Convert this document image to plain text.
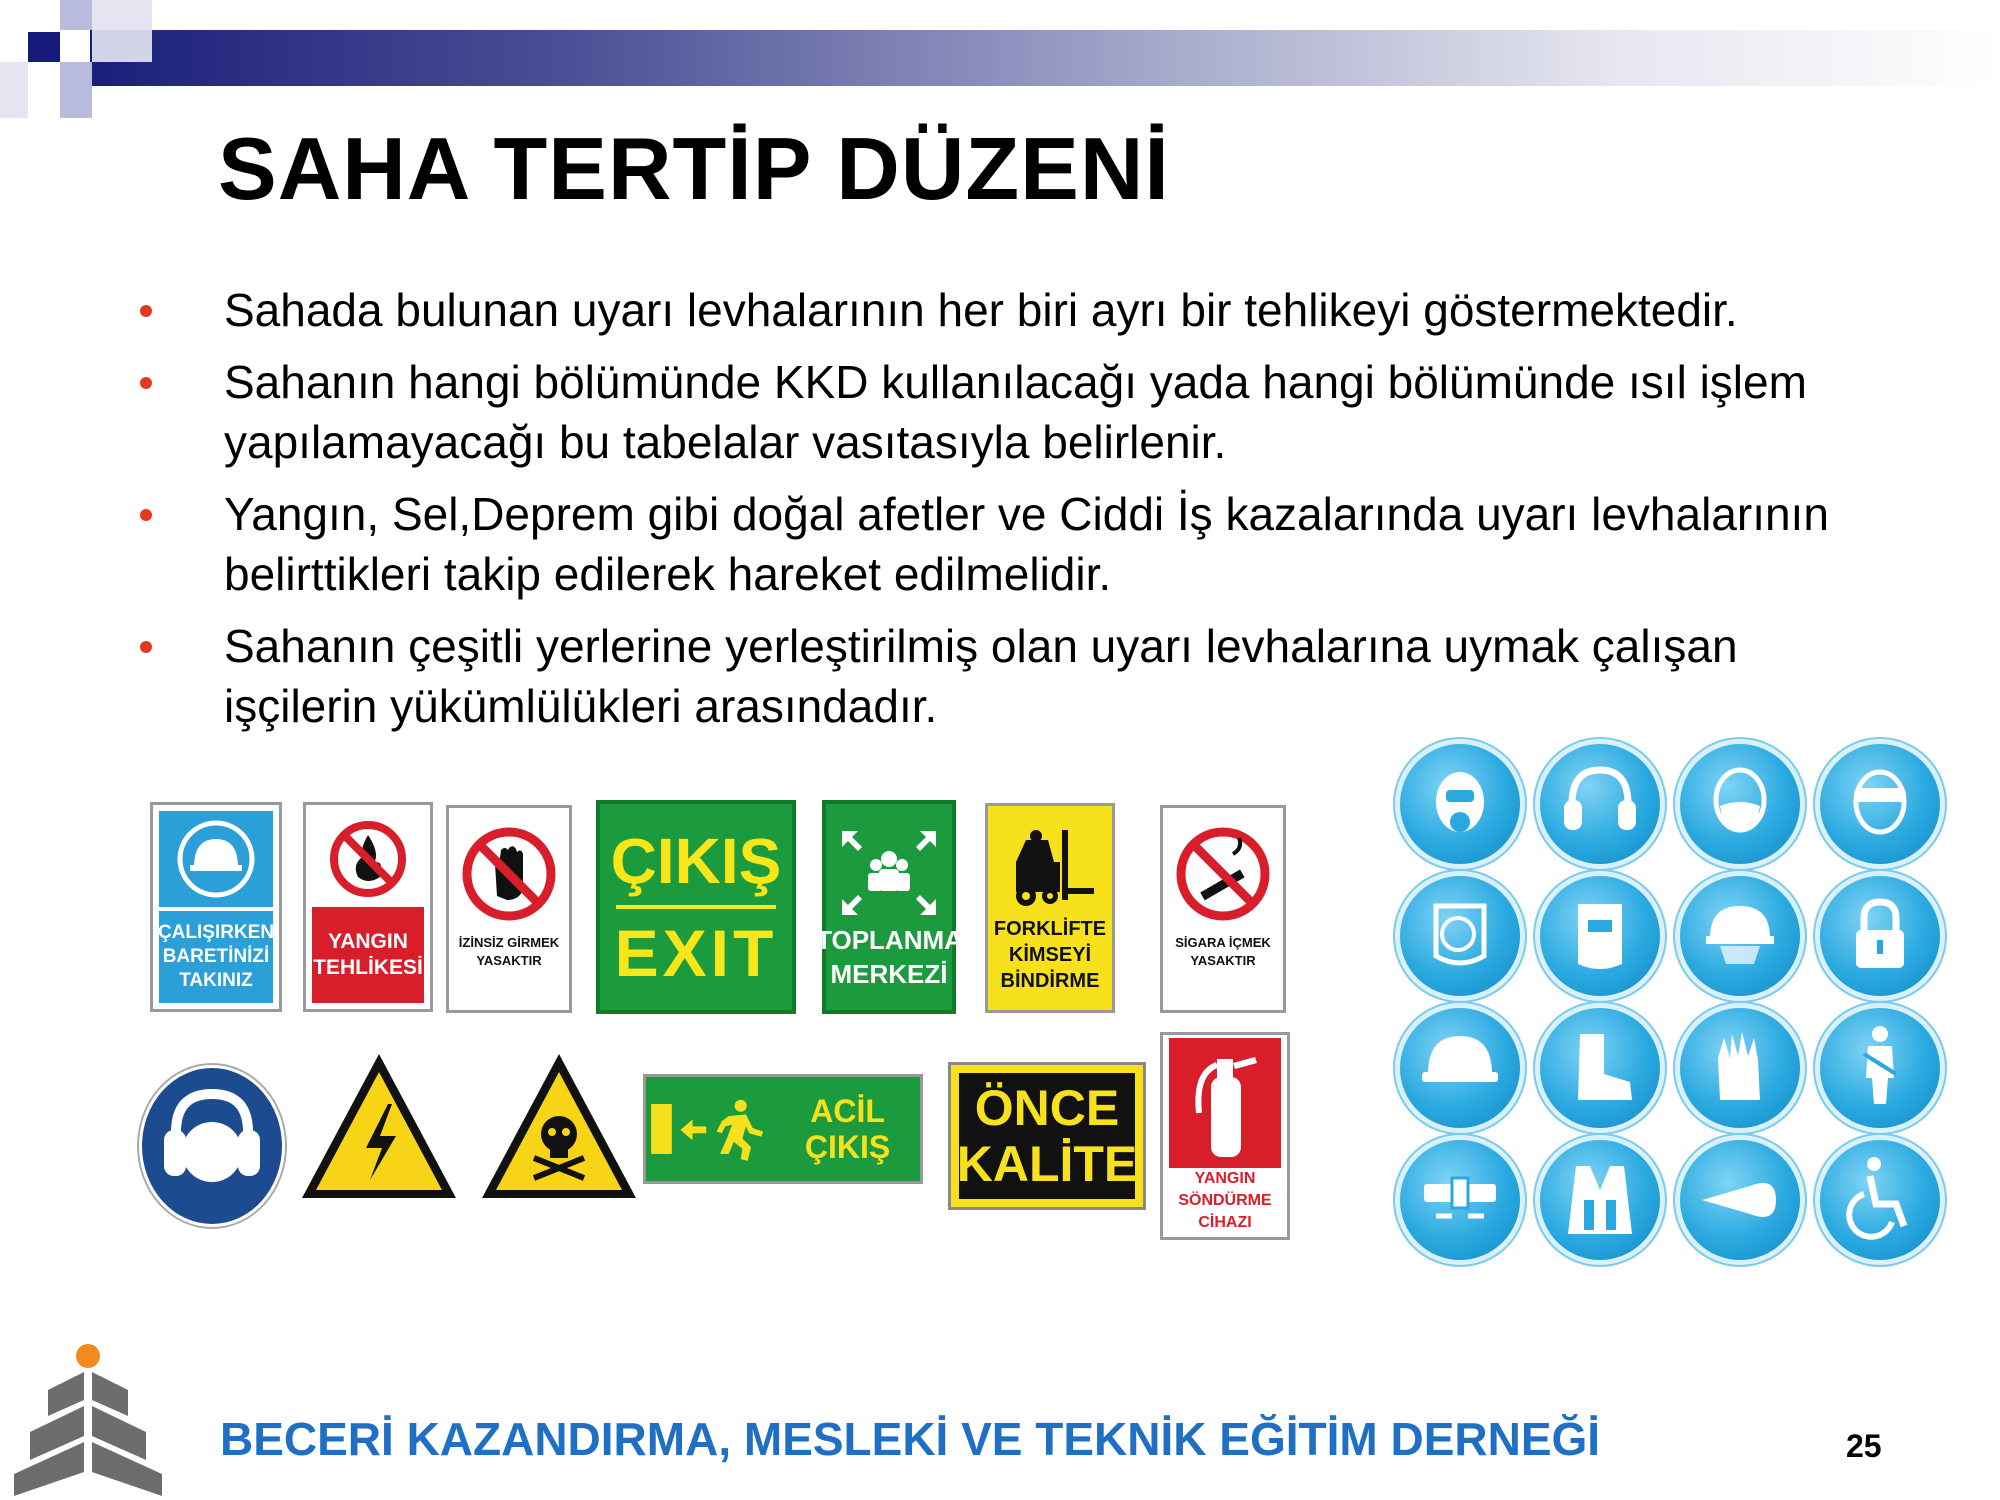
SAHA TERTİP DÜZENİ
Sahada bulunan uyarı levhalarının her biri ayrı bir tehlikeyi göstermektedir.
Sahanın hangi bölümünde KKD kullanılacağı yada hangi bölümünde ısıl işlem yapılamayacağı bu tabelalar vasıtasıyla belirlenir.
Yangın, Sel,Deprem gibi doğal afetler ve Ciddi İş kazalarında uyarı levhalarının belirttikleri takip edilerek hareket edilmelidir.
Sahanın çeşitli yerlerine yerleştirilmiş olan uyarı levhalarına uymak çalışan işçilerin yükümlülükleri arasındadır.
ÇALIŞIRKEN BARETİNİZİ TAKINIZ
YANGIN TEHLİKESİ
İZİNSİZ GİRMEK YASAKTIR
ÇIKIŞ
EXIT TOPLANMA MERKEZİ
FORKLİFTE KİMSEYİ BİNDİRME
SİGARA İÇMEK YASAKTIR
ACİL ÇIKIŞ
ÖNCE
KALİTE	YANGIN SÖNDÜRME CİHAZI
BECERİ KAZANDIRMA, MESLEKİ VE TEKNİK EĞİTİM DERNEĞİ	25
